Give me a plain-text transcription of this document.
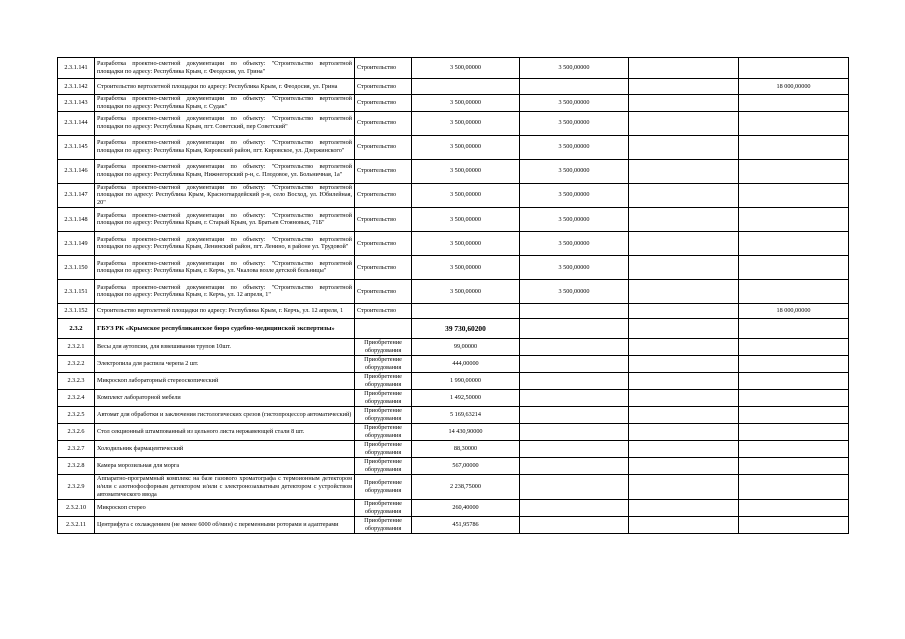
2.3.1.141	Разработка проектно-сметной документации по объекту: "Строительство вертолетной площадки по адресу: Республика Крым, г. Феодосия, ул. Грина"	Строительство	3 500,00000	3 500,00000		
2.3.1.142	Строительство вертолетной площадки по адресу: Республика Крым, г. Феодосия, ул. Грина	Строительство				18 000,00000
2.3.1.143	Разработка проектно-сметной документации по объекту: "Строительство вертолетной площадки по адресу: Республика Крым, г. Судак"	Строительство	3 500,00000	3 500,00000		
2.3.1.144	Разработка проектно-сметной документации по объекту: "Строительство вертолетной площадки по адресу: Республика Крым, пгт. Советский, пер Советский"	Строительство	3 500,00000	3 500,00000		
2.3.1.145	Разработка проектно-сметной документации по объекту: "Строительство вертолетной площадки по адресу: Республика Крым, Кировский район, пгт. Кировское, ул. Дзержинского"	Строительство	3 500,00000	3 500,00000		
2.3.1.146	Разработка проектно-сметной документации по объекту: "Строительство вертолетной площадки по адресу: Республика Крым, Нижнегорский р-н, с. Плодовое, ул. Больничная, 1а"	Строительство	3 500,00000	3 500,00000		
2.3.1.147	Разработка проектно-сметной документации по объекту: "Строительство вертолетной площадки по адресу: Республика Крым, Красногвардейский р-н, село Восход, ул. Юбилейная, 20"	Строительство	3 500,00000	3 500,00000		
2.3.1.148	Разработка проектно-сметной документации по объекту: "Строительство вертолетной площадки по адресу: Республика Крым, г. Старый Крым, ул. Братьев Стояновых, 71Б"	Строительство	3 500,00000	3 500,00000		
2.3.1.149	Разработка проектно-сметной документации по объекту: "Строительство вертолетной площадки по адресу: Республика Крым, Ленинский район, пгт. Ленино, в районе ул. Трудовой"	Строительство	3 500,00000	3 500,00000		
2.3.1.150	Разработка проектно-сметной документации по объекту: "Строительство вертолетной площадки по адресу: Республика Крым, г. Керчь, ул. Чкалова возле детской больницы"	Строительство	3 500,00000	3 500,00000		
2.3.1.151	Разработка проектно-сметной документации по объекту: "Строительство вертолетной площадки по адресу: Республика Крым, г. Керчь, ул. 12 апреля, 1"	Строительство	3 500,00000	3 500,00000		
2.3.1.152	Строительство вертолетной площадки по адресу: Республика Крым, г. Керчь, ул. 12 апреля, 1	Строительство				18 000,00000
2.3.2	ГБУЗ РК «Крымское республиканское бюро судебно-медицинской экспертизы»		39 730,60200			
2.3.2.1	Весы для аутопсии, для взвешивания трупов 10шт.	Приобретение оборудования	99,00000			
2.3.2.2	Электропила для распила черепа 2 шт.	Приобретение оборудования	444,00000			
2.3.2.3	Микроскоп лабораторный стереоскопический	Приобретение оборудования	1 990,00000			
2.3.2.4	Комплект лабораторной мебели	Приобретение оборудования	1 492,50000			
2.3.2.5	Автомат для обработки и заключения гистологических срезов (гистопроцессор автоматический)	Приобретение оборудования	5 169,63214			
2.3.2.6	Стол секционный штампованный из цельного листа нержавеющей стали 8 шт.	Приобретение оборудования	14 430,90000			
2.3.2.7	Холодильник фармацевтический	Приобретение оборудования	88,30000			
2.3.2.8	Камера морозильная для морга	Приобретение оборудования	567,00000			
2.3.2.9	Аппаратно-программный комплекс на базе газового хроматографа с термоионным детектором и/или с азотнофосфорным детектором и/или с электронозахватным детектором с устройством автоматического ввода	Приобретение оборудования	2 238,75000			
2.3.2.10	Микроскоп стерео	Приобретение оборудования	260,40000			
2.3.2.11	Центрифуга с охлаждением (не менее 6000 об/мин) с переменными роторами и адаптерами	Приобретение оборудования	451,95786			
